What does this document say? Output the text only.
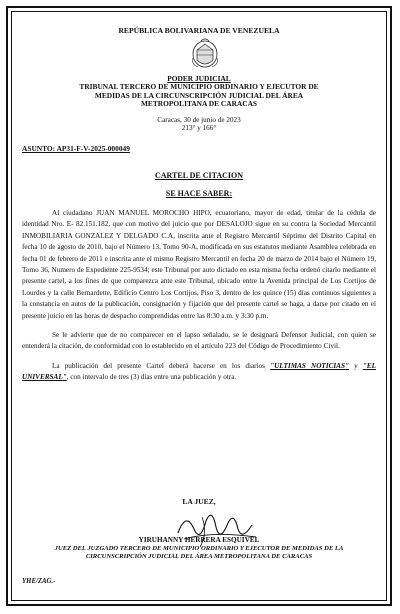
REPÚBLICA BOLIVARIANA DE VENEZUELA
PODER JUDICIAL
TRIBUNAL TERCERO DE MUNICIPIO ORDINARIO Y EJECUTOR DE
MEDIDAS DE LA CIRCUNSCRIPCIÓN JUDICIAL DEL ÁREA
METROPOLITANA DE CARACAS
Caracas, 30 de junio de 2023
213° y 166°
ASUNTO: AP31-F-V-2025-000049
CARTEL DE CITACION
SE HACE SABER:

Al ciudadano JUAN MANUEL MOROCHO HIPO, ecuatoriano, mayor de edad, titular de la cédula de identidad Nro. E- 82.151.182, que con motivo del juicio que por DESALOJO sigue en su contra la Sociedad Mercantil INMOBILIARIA GONZALEZ Y DELGADO C.A, inscrita ante el Registro Mercantil Séptimo del Distrito Capital en fecha 10 de agosto de 2010, bajo el Número 13, Tomo 90-A, modificada en sus estatutos mediante Asamblea celebrada en fecha 01 de febrero de 2011 e inscrita ante el mismo Registro Mercantil en fecha 20 de marzo de 2014 bajo el Número 19, Tomo 36, Numero de Expediente 225-9534; este Tribunal por auto dictado en esta misma fecha ordenó citarlo mediante el presente cartel, a los fines de que comparezca ante este Tribunal, ubicado entre la Avenida principal de Los Cortijos de Lourdes y la calle Bernardette, Edificio Centro Los Cortijos, Piso 3, dentro de los quince (15) días continuos siguientes a la constancia en autos de la publicación, consignación y fijación que del presente cartel se haga, a darse por citado en el presente juicio en las horas de despacho comprendidas entre las 8:30 a.m. y 3:30 p.m.

Se le advierte que de no comparecer en el lapso señalado, se le designará Defensor Judicial, con quien se entenderá la citación, de conformidad con lo establecido en el artículo 223 del Código de Procedimiento Civil.

La publicación del presente Cartel deberá hacerse en los diarios "ULTIMAS NOTICIAS" y "EL UNIVERSAL", con intervalo de tres (3) días entre una publicación y otra.

LA JUEZ,
YIRUHANNY HERRERA ESQUIVEL
JUEZ DEL JUZGADO TERCERO DE MUNICIPIO ORDINARIO Y EJECUTOR DE MEDIDAS DE LA
CIRCUNSCRIPCIÓN JUDICIAL DEL ÁREA METROPOLITANA DE CARACAS
YHE/ZAG.-
